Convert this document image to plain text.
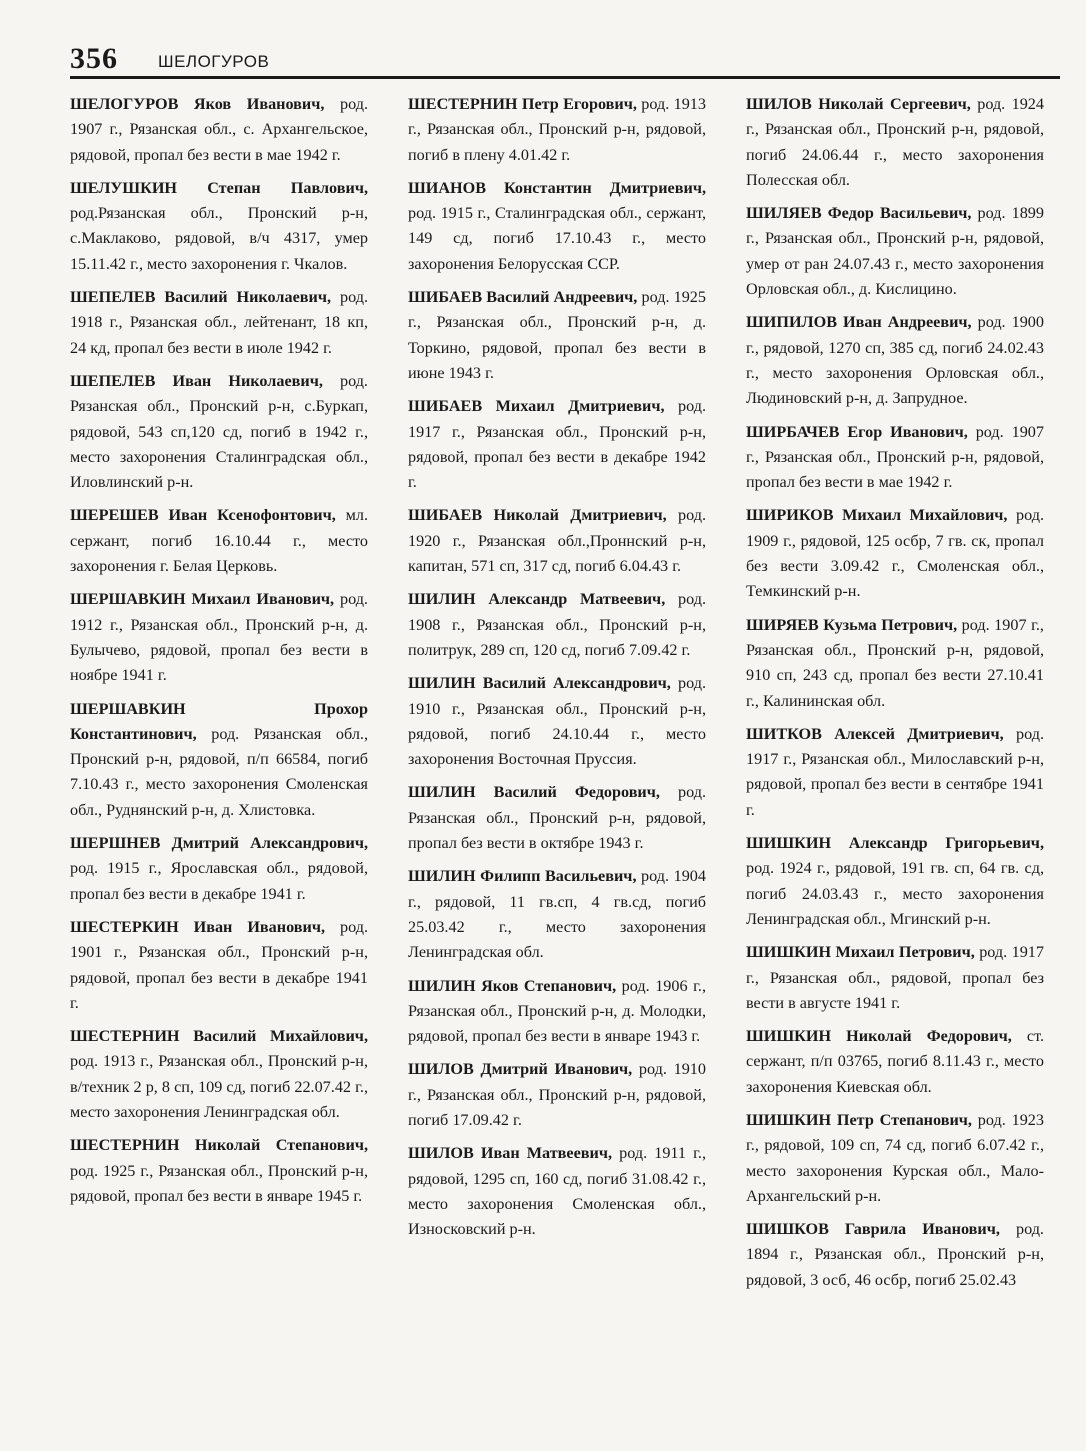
356 ШЕЛОГУРОВ

ШЕЛОГУРОВ Яков Иванович, род. 1907 г., Рязанская обл., с. Архангельское, рядовой, пропал без вести в мае 1942 г.

ШЕЛУШКИН Степан Павлович, род.Рязанская обл., Пронский р-н, с.Маклаково, рядовой, в/ч 4317, умер 15.11.42 г., место захоронения г. Чкалов.

ШЕПЕЛЕВ Василий Николаевич, род. 1918 г., Рязанская обл., лейтенант, 18 кп, 24 кд, пропал без вести в июле 1942 г.

ШЕПЕЛЕВ Иван Николаевич, род. Рязанская обл., Пронский р-н, с.Буркап, рядовой, 543 сп,120 сд, погиб в 1942 г., место захоронения Сталинградская обл., Иловлинский р-н.

ШЕРЕШЕВ Иван Ксенофонтович, мл. сержант, погиб 16.10.44 г., место захоронения г. Белая Церковь.

ШЕРШАВКИН Михаил Иванович, род. 1912 г., Рязанская обл., Пронский р-н, д. Булычево, рядовой, пропал без вести в ноябре 1941 г.

ШЕРШАВКИН Прохор Константинович, род. Рязанская обл., Пронский р-н, рядовой, п/п 66584, погиб 7.10.43 г., место захоронения Смоленская обл., Руднянский р-н, д. Хлистовка.

ШЕРШНЕВ Дмитрий Александрович, род. 1915 г., Ярославская обл., рядовой, пропал без вести в декабре 1941 г.

ШЕСТЕРКИН Иван Иванович, род. 1901 г., Рязанская обл., Пронский р-н, рядовой, пропал без вести в декабре 1941 г.

ШЕСТЕРНИН Василий Михайлович, род. 1913 г., Рязанская обл., Пронский р-н, в/техник 2 р, 8 сп, 109 сд, погиб 22.07.42 г., место захоронения Ленинградская обл.

ШЕСТЕРНИН Николай Степанович, род. 1925 г., Рязанская обл., Пронский р-н, рядовой, пропал без вести в январе 1945 г.

ШЕСТЕРНИН Петр Егорович, род. 1913 г., Рязанская обл., Пронский р-н, рядовой, погиб в плену 4.01.42 г.

ШИАНОВ Константин Дмитриевич, род. 1915 г., Сталинградская обл., сержант, 149 сд, погиб 17.10.43 г., место захоронения Белорусская ССР.

ШИБАЕВ Василий Андреевич, род. 1925 г., Рязанская обл., Пронский р-н, д. Торкино, рядовой, пропал без вести в июне 1943 г.

ШИБАЕВ Михаил Дмитриевич, род. 1917 г., Рязанская обл., Пронский р-н, рядовой, пропал без вести в декабре 1942 г.

ШИБАЕВ Николай Дмитриевич, род. 1920 г., Рязанская обл.,Проннский р-н, капитан, 571 сп, 317 сд, погиб 6.04.43 г.

ШИЛИН Александр Матвеевич, род. 1908 г., Рязанская обл., Пронский р-н, политрук, 289 сп, 120 сд, погиб 7.09.42 г.

ШИЛИН Василий Александрович, род. 1910 г., Рязанская обл., Пронский р-н, рядовой, погиб 24.10.44 г., место захоронения Восточная Пруссия.

ШИЛИН Василий Федорович, род. Рязанская обл., Пронский р-н, рядовой, пропал без вести в октябре 1943 г.

ШИЛИН Филипп Васильевич, род. 1904 г., рядовой, 11 гв.сп, 4 гв.сд, погиб 25.03.42 г., место захоронения Ленинградская обл.

ШИЛИН Яков Степанович, род. 1906 г., Рязанская обл., Пронский р-н, д. Молодки, рядовой, пропал без вести в январе 1943 г.

ШИЛОВ Дмитрий Иванович, род. 1910 г., Рязанская обл., Пронский р-н, рядовой, погиб 17.09.42 г.

ШИЛОВ Иван Матвеевич, род. 1911 г., рядовой, 1295 сп, 160 сд, погиб 31.08.42 г., место захоронения Смоленская обл., Износковский р-н.

ШИЛОВ Николай Сергеевич, род. 1924 г., Рязанская обл., Пронский р-н, рядовой, погиб 24.06.44 г., место захоронения Полесская обл.

ШИЛЯЕВ Федор Васильевич, род. 1899 г., Рязанская обл., Пронский р-н, рядовой, умер от ран 24.07.43 г., место захоронения Орловская обл., д. Кислицино.

ШИПИЛОВ Иван Андреевич, род. 1900 г., рядовой, 1270 сп, 385 сд, погиб 24.02.43 г., место захоронения Орловская обл., Людиновский р-н, д. Запрудное.

ШИРБАЧЕВ Егор Иванович, род. 1907 г., Рязанская обл., Пронский р-н, рядовой, пропал без вести в мае 1942 г.

ШИРИКОВ Михаил Михайлович, род. 1909 г., рядовой, 125 осбр, 7 гв. ск, пропал без вести 3.09.42 г., Смоленская обл., Темкинский р-н.

ШИРЯЕВ Кузьма Петрович, род. 1907 г., Рязанская обл., Пронский р-н, рядовой, 910 сп, 243 сд, пропал без вести 27.10.41 г., Калининская обл.

ШИТКОВ Алексей Дмитриевич, род. 1917 г., Рязанская обл., Милославский р-н, рядовой, пропал без вести в сентябре 1941 г.

ШИШКИН Александр Григорьевич, род. 1924 г., рядовой, 191 гв. сп, 64 гв. сд, погиб 24.03.43 г., место захоронения Ленинградская обл., Мгинский р-н.

ШИШКИН Михаил Петрович, род. 1917 г., Рязанская обл., рядовой, пропал без вести в августе 1941 г.

ШИШКИН Николай Федорович, ст. сержант, п/п 03765, погиб 8.11.43 г., место захоронения Киевская обл.

ШИШКИН Петр Степанович, род. 1923 г., рядовой, 109 сп, 74 сд, погиб 6.07.42 г., место захоронения Курская обл., Мало-Архангельский р-н.

ШИШКОВ Гаврила Иванович, род. 1894 г., Рязанская обл., Пронский р-н, рядовой, 3 осб, 46 осбр, погиб 25.02.43
